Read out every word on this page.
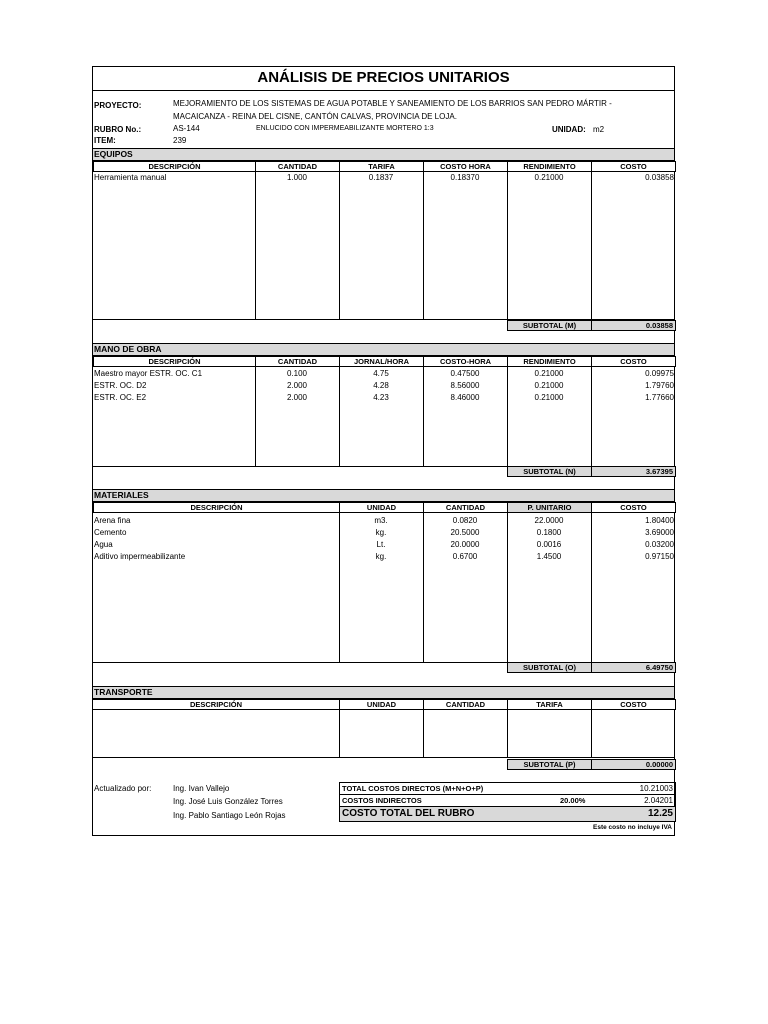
ANÁLISIS DE PRECIOS UNITARIOS
PROYECTO:	MEJORAMIENTO DE LOS SISTEMAS DE AGUA POTABLE Y SANEAMIENTO DE LOS BARRIOS SAN PEDRO MÁRTIR -
MACAICANZA - REINA DEL CISNE, CANTÓN CALVAS, PROVINCIA DE LOJA.
RUBRO No.:	AS-144	ENLUCIDO CON IMPERMEABILIZANTE MORTERO 1:3	UNIDAD: m2
ITEM:	239
EQUIPOS
DESCRIPCIÓN	CANTIDAD	TARIFA	COSTO HORA	RENDIMIENTO	COSTO
Herramienta manual	1.000	0.1837	0.18370	0.21000	0.03858
SUBTOTAL (M)	0.03858
MANO DE OBRA
DESCRIPCIÓN	CANTIDAD	JORNAL/HORA	COSTO-HORA	RENDIMIENTO	COSTO
Maestro mayor ESTR. OC. C1	0.100	4.75	0.47500	0.21000	0.09975
ESTR. OC. D2	2.000	4.28	8.56000	0.21000	1.79760
ESTR. OC. E2	2.000	4.23	8.46000	0.21000	1.77660
SUBTOTAL (N)	3.67395
MATERIALES
DESCRIPCIÓN	UNIDAD	CANTIDAD	P. UNITARIO	COSTO
Arena fina	m3.	0.0820	22.0000	1.80400
Cemento	kg.	20.5000	0.1800	3.69000
Agua	Lt.	20.0000	0.0016	0.03200
Aditivo impermeabilizante	kg.	0.6700	1.4500	0.97150
SUBTOTAL (O)	6.49750
TRANSPORTE
DESCRIPCIÓN	UNIDAD	CANTIDAD	TARIFA	COSTO
SUBTOTAL (P)	0.00000
Actualizado por:	Ing. Ivan Vallejo
Ing. José Luis González Torres
Ing. Pablo Santiago León Rojas
TOTAL COSTOS DIRECTOS (M+N+O+P)	10.21003
COSTOS INDIRECTOS	20.00%	2.04201
COSTO TOTAL DEL RUBRO	12.25
Este costo no incluye IVA
